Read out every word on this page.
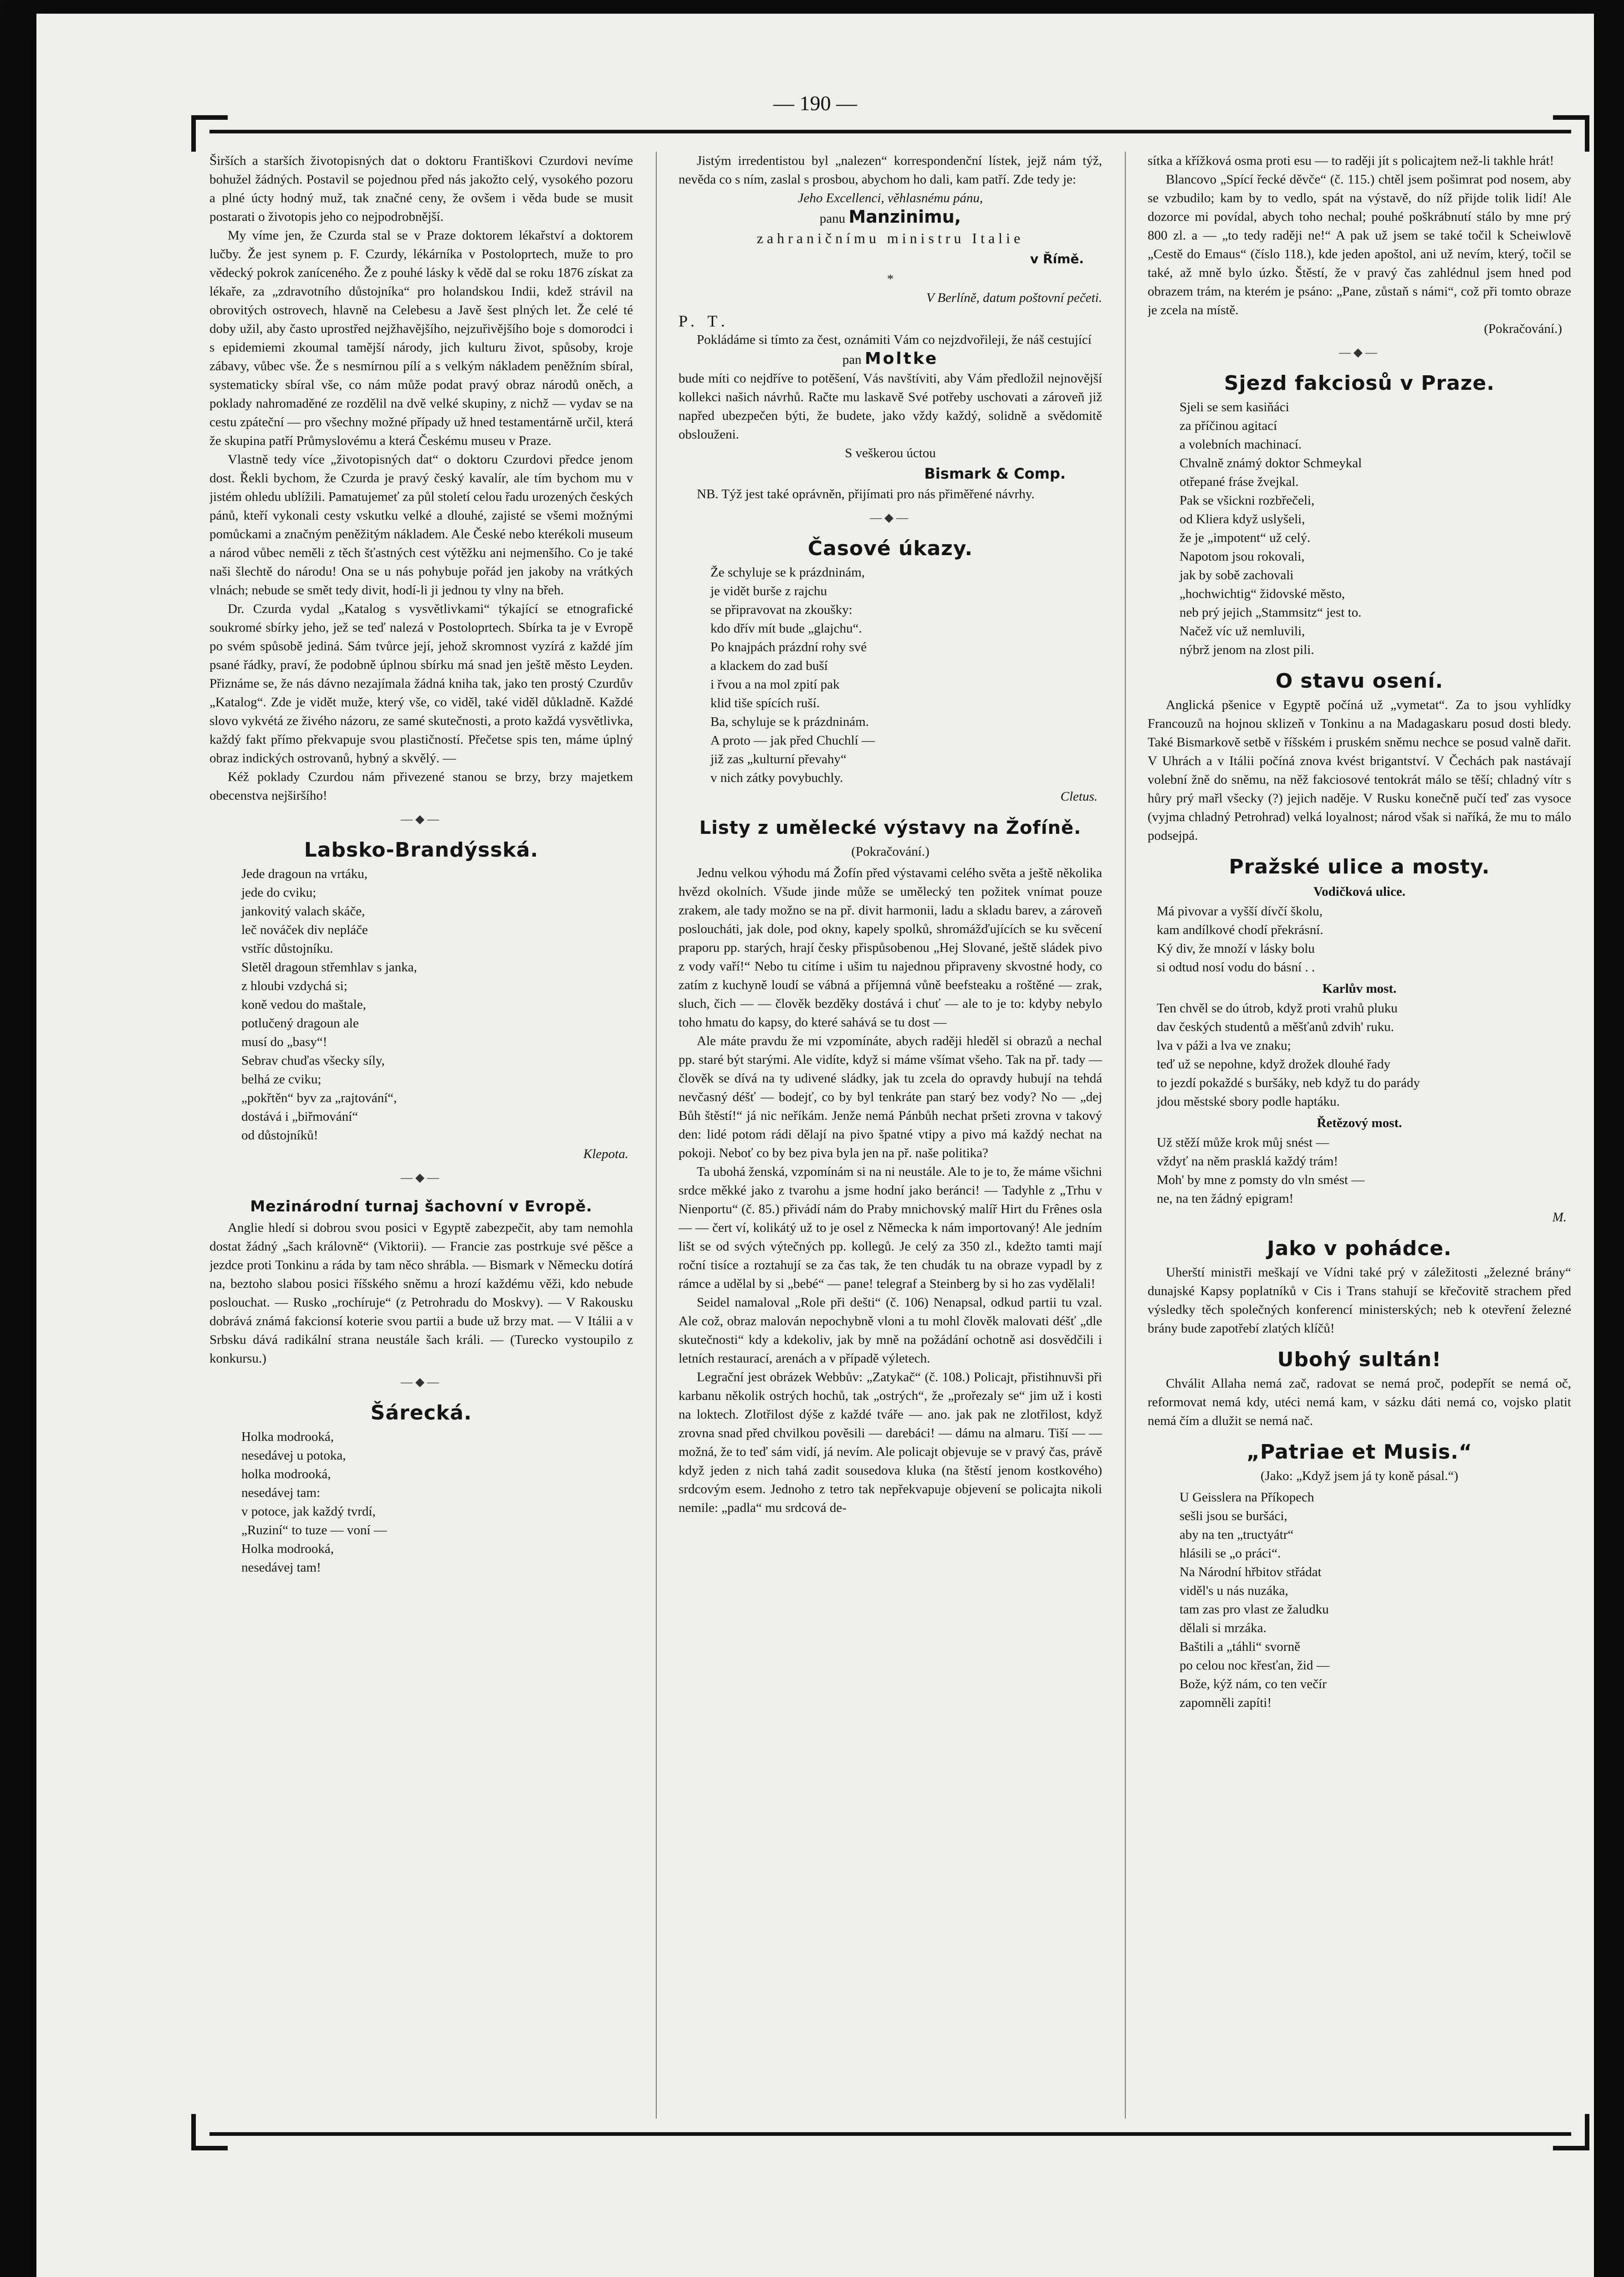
— 190 —

Širších a starších životopisných dat o doktoru Františkovi Czurdovi nevíme bohužel žádných. Postavil se pojednou před nás jakožto celý, vysokého pozoru a plné úcty hodný muž, tak značné ceny, že ovšem i věda bude se musit postarati o životopis jeho co nejpodrobnější.

My víme jen, že Czurda stal se v Praze doktorem lékařství a doktorem lučby. Že jest synem p. F. Czurdy, lékárníka v Postoloprtech, muže to pro vědecký pokrok zaníceného. Že z pouhé lásky k vědě dal se roku 1876 získat za lékaře, za „zdravotního důstojníka“ pro holandskou Indii, kdež strávil na obrovitých ostrovech, hlavně na Celebesu a Javě šest plných let. Že celé té doby užil, aby často uprostřed nejžhavějšího, nejzuřivějšího boje s domorodci i s epidemiemi zkoumal tamější národy, jich kulturu život, spůsoby, kroje zábavy, vůbec vše. Že s nesmírnou pílí a s velkým nákladem peněžním sbíral, systematicky sbíral vše, co nám může podat pravý obraz národů oněch, a poklady nahromaděné ze rozdělil na dvě velké skupiny, z nichž — vydav se na cestu zpáteční — pro všechny možné případy už hned testamentárně určil, která že skupina patří Průmyslovému a která Českému museu v Praze.

Vlastně tedy více „životopisných dat“ o doktoru Czurdovi předce jenom dost. Řekli bychom, že Czurda je pravý český kavalír, ale tím bychom mu v jistém ohledu ublížili. Pamatujemeť za půl století celou řadu urozených českých pánů, kteří vykonali cesty vskutku velké a dlouhé, zajisté se všemi možnými pomůckami a značným peněžitým nákladem. Ale České nebo kterékoli museum a národ vůbec neměli z těch šťastných cest výtěžku ani nejmenšího. Co je také naši šlechtě do národu! Ona se u nás pohybuje pořád jen jakoby na vrátkých vlnách; nebude se smět tedy divit, hodí-li ji jednou ty vlny na břeh.

Dr. Czurda vydal „Katalog s vysvětlivkami“ týkající se etnografické soukromé sbírky jeho, jež se teď nalezá v Postoloprtech. Sbírka ta je v Evropě po svém spůsobě jediná. Sám tvůrce její, jehož skromnost vyzírá z každé jím psané řádky, praví, že podobně úplnou sbírku má snad jen ještě město Leyden. Přiznáme se, že nás dávno nezajímala žádná kniha tak, jako ten prostý Czurdův „Katalog“. Zde je vidět muže, který vše, co viděl, také viděl důkladně. Každé slovo vykvétá ze živého názoru, ze samé skutečnosti, a proto každá vysvětlivka, každý fakt přímo překvapuje svou plastičností. Přečetse spis ten, máme úplný obraz indických ostrovanů, hybný a skvělý. —

Kéž poklady Czurdou nám přivezené stanou se brzy, brzy majetkem obecenstva nejširšího!

—◆—
Labsko-Brandýsská.

Jede dragoun na vrtáku,
jede do cviku;
jankovitý valach skáče,
leč nováček div nepláče
vstříc důstojníku.
Sletěl dragoun střemhlav s janka,
z hloubi vzdychá si;
koně vedou do maštale,
potlučený dragoun ale
musí do „basy“!
Sebrav chuďas všecky síly,
belhá ze cviku;
„pokřtěn“ byv za „rajtování“,
dostává i „biřmování“
od důstojníků!

Klepota.

—◆—
Mezinárodní turnaj šachovní v Evropě.

Anglie hledí si dobrou svou posici v Egyptě zabezpečit, aby tam nemohla dostat žádný „šach královně“ (Viktorii). — Francie zas postrkuje své pěšce a jezdce proti Tonkinu a ráda by tam něco shrábla. — Bismark v Německu dotírá na, beztoho slabou posici říšského sněmu a hrozí každému věži, kdo nebude poslouchat. — Rusko „rochíruje“ (z Petrohradu do Moskvy). — V Rakousku dobrává známá fakcionsí koterie svou partii a bude už brzy mat. — V Itálii a v Srbsku dává radikální strana neustále šach králi. — (Turecko vystoupilo z konkursu.)

—◆—
Šárecká.

Holka modrooká,
nesedávej u potoka,
holka modrooká,
nesedávej tam:
v potoce, jak každý tvrdí,
„Ruziní“ to tuze — voní —
Holka modrooká,
nesedávej tam!

Jistým irredentistou byl „nalezen“ korrespondenční lístek, jejž nám týž, nevěda co s ním, zaslal s prosbou, abychom ho dali, kam patří. Zde tedy je:

Jeho Excellenci, věhlasnému pánu,

panu Manzinimu,

zahraničnímu ministru Italie

v Římě.

*

V Berlíně, datum poštovní pečeti.

P. T.

Pokládáme si tímto za čest, oznámiti Vám co nejzdvořileji, že náš cestující

pan Moltke

bude míti co nejdříve to potěšení, Vás navštíviti, aby Vám předložil nejnovější kollekci našich návrhů. Račte mu laskavě Své potřeby uschovati a zároveň již napřed ubezpečen býti, že budete, jako vždy každý, solidně a svědomitě obslouženi.

S veškerou úctou

Bismark & Comp.

NB. Týž jest také oprávněn, přijímati pro nás přiměřené návrhy.

—◆—
Časové úkazy.

Že schyluje se k prázdninám,
je vidět burše z rajchu
se připravovat na zkoušky:
kdo dřív mít bude „glajchu“.
Po knajpách prázdní rohy své
a klackem do zad buší
i řvou a na mol zpití pak
klid tiše spících ruší.
Ba, schyluje se k prázdninám.
A proto — jak před Chuchlí —
již zas „kulturní převahy“
v nich zátky povybuchly.

Cletus.

Listy z umělecké výstavy na Žofíně.

(Pokračování.)

Jednu velkou výhodu má Žofín před výstavami celého světa a ještě několika hvězd okolních. Všude jinde může se umělecký ten požitek vnímat pouze zrakem, ale tady možno se na př. divit harmonii, ladu a skladu barev, a zároveň posloucháti, jak dole, pod okny, kapely spolků, shromážďujících se ku svěcení praporu pp. starých, hrají česky přispůsobenou „Hej Slované, ještě sládek pivo z vody vaří!“ Nebo tu citíme i ušim tu najednou připraveny skvostné hody, co zatím z kuchyně loudí se vábná a příjemná vůně beefsteaku a roštěné — zrak, sluch, čich — — člověk bezděky dostává i chuť — ale to je to: kdyby nebylo toho hmatu do kapsy, do které sahává se tu dost —

Ale máte pravdu že mi vzpomínáte, abych raději hleděl si obrazů a nechal pp. staré být starými. Ale vidíte, když si máme všímat všeho. Tak na př. tady — člověk se dívá na ty udivené sládky, jak tu zcela do opravdy hubují na tehdá nevčasný déšť — bodejť, co by byl tenkráte pan starý bez vody? No — „dej Bůh štěstí!“ já nic neříkám. Jenže nemá Pánbůh nechat pršeti zrovna v takový den: lidé potom rádi dělají na pivo špatné vtipy a pivo má každý nechat na pokoji. Neboť co by bez piva byla jen na př. naše politika?

Ta ubohá ženská, vzpomínám si na ni neustále. Ale to je to, že máme všichni srdce měkké jako z tvarohu a jsme hodní jako beránci! — Tadyhle z „Trhu v Nienportu“ (č. 85.) přivádí nám do Praby mnichovský malíř Hirt du Frênes osla — — čert ví, kolikátý už to je osel z Německa k nám importovaný! Ale jedním lišt se od svých výtečných pp. kollegů. Je celý za 350 zl., kdežto tamti mají roční tisíce a roztahují se za čas tak, že ten chudák tu na obraze vypadl by z rámce a udělal by si „bebé“ — pane! telegraf a Steinberg by si ho zas vydělali!

Seidel namaloval „Role při dešti“ (č. 106) Nenapsal, odkud partii tu vzal. Ale což, obraz malován nepochybně vloni a tu mohl člověk malovati déšť „dle skutečnosti“ kdy a kdekoliv, jak by mně na požádání ochotně asi dosvědčili i letních restaurací, arenách a v případě výletech.

Legrační jest obrázek Webbův: „Zatykač“ (č. 108.) Policajt, přistihnuvši při karbanu několik ostrých hochů, tak „ostrých“, že „prořezaly se“ jim už i kosti na loktech. Zlotřilost dýše z každé tváře — ano. jak pak ne zlotřilost, když zrovna snad před chvilkou pověsili — darebáci! — dámu na almaru. Tiší — — možná, že to teď sám vidí, já nevím. Ale policajt objevuje se v pravý čas, právě když jeden z nich tahá zadit sousedova kluka (na štěstí jenom kostkového) srdcovým esem. Jednoho z tetro tak nepřekvapuje objevení se policajta nikoli nemile: „padla“ mu srdcová de-

sítka a křížková osma proti esu — to raději jít s policajtem než-li takhle hrát!

Blancovo „Spící řecké děvče“ (č. 115.) chtěl jsem pošimrat pod nosem, aby se vzbudilo; kam by to vedlo, spát na výstavě, do níž přijde tolik lidí! Ale dozorce mi povídal, abych toho nechal; pouhé poškrábnutí stálo by mne prý 800 zl. a — „to tedy raději ne!“ A pak už jsem se také točil k Scheiwlově „Cestě do Emaus“ (číslo 118.), kde jeden apoštol, ani už nevím, který, točil se také, až mně bylo úzko. Štěstí, že v pravý čas zahlédnul jsem hned pod obrazem trám, na kterém je psáno: „Pane, zůstaň s námi“, což při tomto obraze je zcela na místě.

(Pokračování.)

—◆—
Sjezd fakciosů v Praze.

Sjeli se sem kasiňáci
za příčinou agitací
a volebních machinací.
Chvalně známý doktor Schmeykal
otřepané fráse žvejkal.
Pak se všickni rozbřečeli,
od Kliera když uslyšeli,
že je „impotent“ už celý.
Napotom jsou rokovali,
jak by sobě zachovali
„hochwichtig“ židovské město,
neb prý jejich „Stammsitz“ jest to.
Načež víc už nemluvili,
nýbrž jenom na zlost pili.

O stavu osení.

Anglická pšenice v Egyptě počíná už „vymetat“. Za to jsou vyhlídky Francouzů na hojnou sklizeň v Tonkinu a na Madagaskaru posud dosti bledy. Také Bismarkově setbě v říšském i pruském sněmu nechce se posud valně dařit. V Uhrách a v Itálii počíná znova kvést brigantství. V Čechách pak nastávají volební žně do sněmu, na něž fakciosové tentokrát málo se těší; chladný vítr s hůry prý mařl všecky (?) jejich naděje. V Rusku konečně pučí teď zas vysoce (vyjma chladný Petrohrad) velká loyalnost; národ však si naříká, že mu to málo podsejpá.

Pražské ulice a mosty.

Vodičková ulice.

Má pivovar a vyšší dívčí školu,
kam andílkové chodí překrásní.
Ký div, že množí v lásky bolu
si odtud nosí vodu do básní . .

Karlův most.

Ten chvěl se do útrob, když proti vrahů pluku
dav českých studentů a měšťanů zdvih' ruku.
lva v páži a lva ve znaku;
teď už se nepohne, když drožek dlouhé řady
to jezdí pokaždé s buršáky, neb když tu do parády
jdou městské sbory podle haptáku.

Řetězový most.

Už stěží může krok můj snést —
vždyť na něm prasklá každý trám!
Moh' by mne z pomsty do vln smést —
ne, na ten žádný epigram!

M.

Jako v pohádce.

Uherští ministři meškají ve Vídni také prý v záležitosti „železné brány“ dunajské Kapsy poplatníků v Cis i Trans stahují se křečovitě strachem před výsledky těch společných konferencí ministerských; neb k otevření železné brány bude zapotřebí zlatých klíčů!

Ubohý sultán!

Chválit Allaha nemá zač, radovat se nemá proč, podepřít se nemá oč, reformovat nemá kdy, utéci nemá kam, v sázku dáti nemá co, vojsko platit nemá čím a dlužit se nemá nač.

„Patriae et Musis.“

(Jako: „Když jsem já ty koně pásal.“)

U Geisslera na Příkopech
sešli jsou se buršáci,
aby na ten „tructyátr“
hlásili se „o práci“.
Na Národní hřbitov střádat
viděl's u nás nuzáka,
tam zas pro vlast ze žaludku
dělali si mrzáka.
Baštili a „táhli“ svorně
po celou noc křesťan, žid —
Bože, kýž nám, co ten večír
zapomněli zapíti!
